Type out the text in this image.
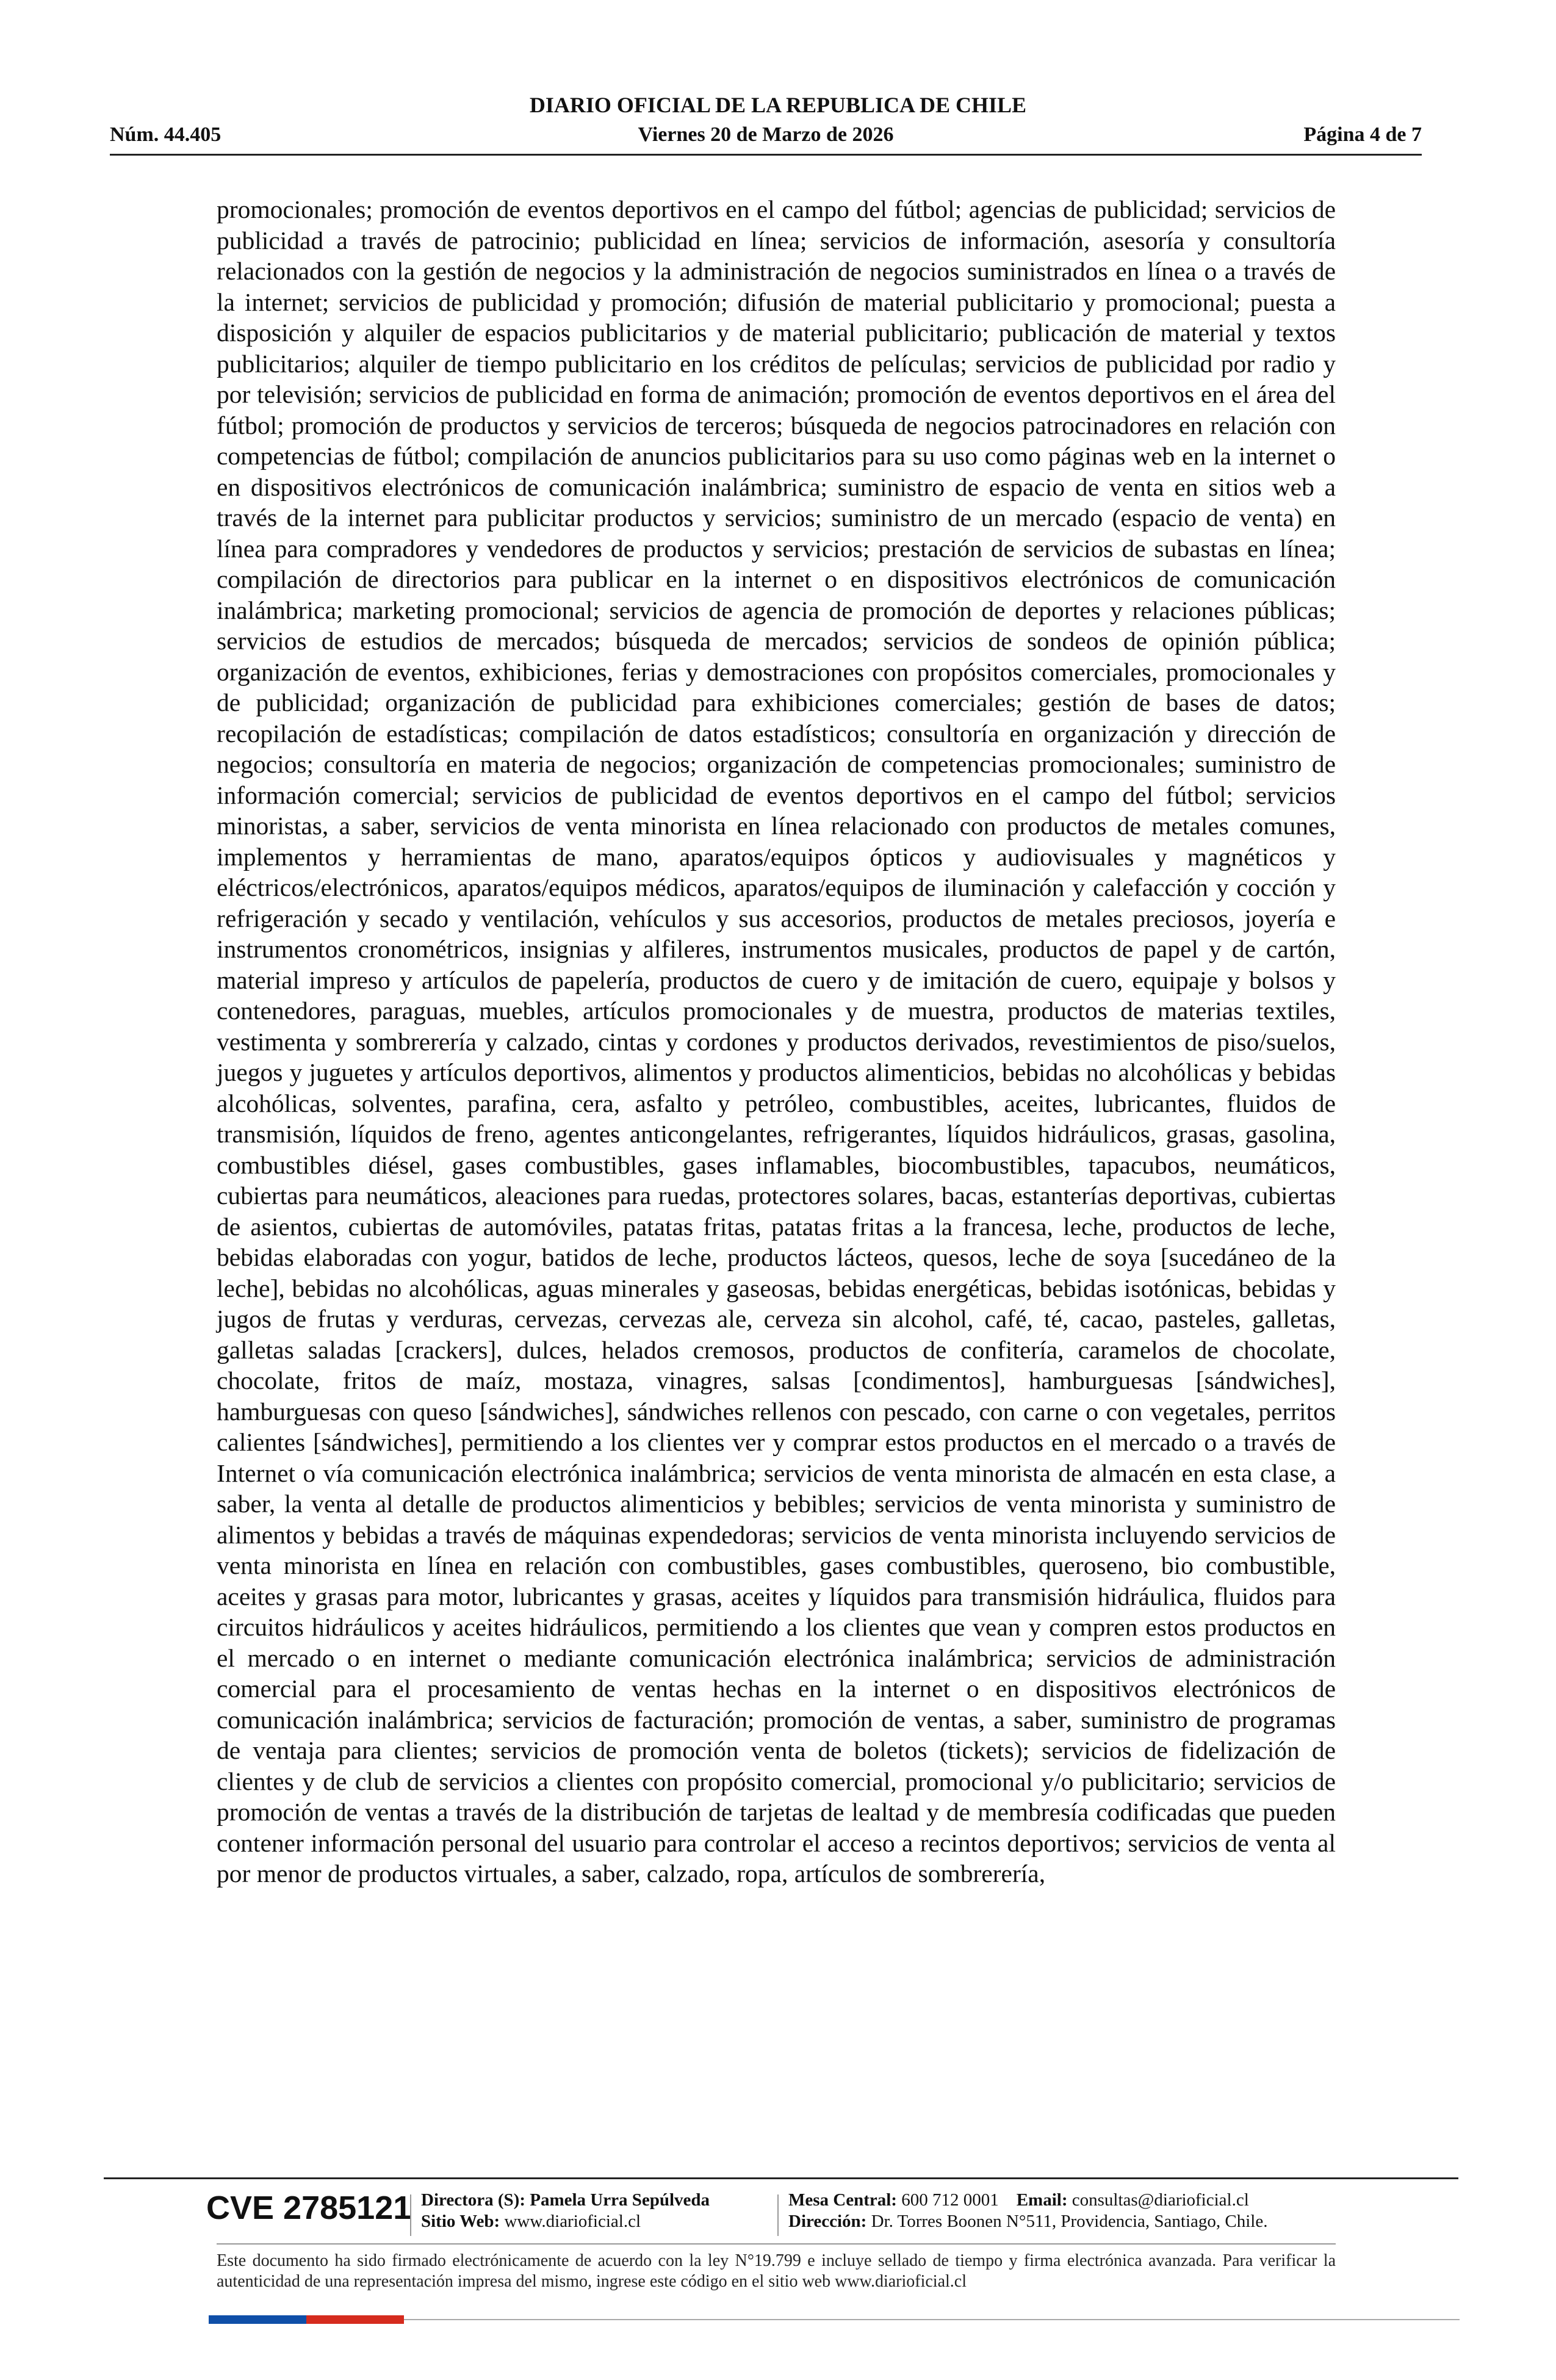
DIARIO OFICIAL DE LA REPUBLICA DE CHILE
Núm. 44.405	Viernes 20 de Marzo de 2026	Página 4 de 7

promocionales; promoción de eventos deportivos en el campo del fútbol; agencias de publicidad; servicios de publicidad a través de patrocinio; publicidad en línea; servicios de información, asesoría y consultoría relacionados con la gestión de negocios y la administración de negocios suministrados en línea o a través de la internet; servicios de publicidad y promoción; difusión de material publicitario y promocional; puesta a disposición y alquiler de espacios publicitarios y de material publicitario; publicación de material y textos publicitarios; alquiler de tiempo publicitario en los créditos de películas; servicios de publicidad por radio y por televisión; servicios de publicidad en forma de animación; promoción de eventos deportivos en el área del fútbol; promoción de productos y servicios de terceros; búsqueda de negocios patrocinadores en relación con competencias de fútbol; compilación de anuncios publicitarios para su uso como páginas web en la internet o en dispositivos electrónicos de comunicación inalámbrica; suministro de espacio de venta en sitios web a través de la internet para publicitar productos y servicios; suministro de un mercado (espacio de venta) en línea para compradores y vendedores de productos y servicios; prestación de servicios de subastas en línea; compilación de directorios para publicar en la internet o en dispositivos electrónicos de comunicación inalámbrica; marketing promocional; servicios de agencia de promoción de deportes y relaciones públicas; servicios de estudios de mercados; búsqueda de mercados; servicios de sondeos de opinión pública; organización de eventos, exhibiciones, ferias y demostraciones con propósitos comerciales, promocionales y de publicidad; organización de publicidad para exhibiciones comerciales; gestión de bases de datos; recopilación de estadísticas; compilación de datos estadísticos; consultoría en organización y dirección de negocios; consultoría en materia de negocios; organización de competencias promocionales; suministro de información comercial; servicios de publicidad de eventos deportivos en el campo del fútbol; servicios minoristas, a saber, servicios de venta minorista en línea relacionado con productos de metales comunes, implementos y herramientas de mano, aparatos/equipos ópticos y audiovisuales y magnéticos y eléctricos/electrónicos, aparatos/equipos médicos, aparatos/equipos de iluminación y calefacción y cocción y refrigeración y secado y ventilación, vehículos y sus accesorios, productos de metales preciosos, joyería e instrumentos cronométricos, insignias y alfileres, instrumentos musicales, productos de papel y de cartón, material impreso y artículos de papelería, productos de cuero y de imitación de cuero, equipaje y bolsos y contenedores, paraguas, muebles, artículos promocionales y de muestra, productos de materias textiles, vestimenta y sombrerería y calzado, cintas y cordones y productos derivados, revestimientos de piso/suelos, juegos y juguetes y artículos deportivos, alimentos y productos alimenticios, bebidas no alcohólicas y bebidas alcohólicas, solventes, parafina, cera, asfalto y petróleo, combustibles, aceites, lubricantes, fluidos de transmisión, líquidos de freno, agentes anticongelantes, refrigerantes, líquidos hidráulicos, grasas, gasolina, combustibles diésel, gases combustibles, gases inflamables, biocombustibles, tapacubos, neumáticos, cubiertas para neumáticos, aleaciones para ruedas, protectores solares, bacas, estanterías deportivas, cubiertas de asientos, cubiertas de automóviles, patatas fritas, patatas fritas a la francesa, leche, productos de leche, bebidas elaboradas con yogur, batidos de leche, productos lácteos, quesos, leche de soya [sucedáneo de la leche], bebidas no alcohólicas, aguas minerales y gaseosas, bebidas energéticas, bebidas isotónicas, bebidas y jugos de frutas y verduras, cervezas, cervezas ale, cerveza sin alcohol, café, té, cacao, pasteles, galletas, galletas saladas [crackers], dulces, helados cremosos, productos de confitería, caramelos de chocolate, chocolate, fritos de maíz, mostaza, vinagres, salsas [condimentos], hamburguesas [sándwiches], hamburguesas con queso [sándwiches], sándwiches rellenos con pescado, con carne o con vegetales, perritos calientes [sándwiches], permitiendo a los clientes ver y comprar estos productos en el mercado o a través de Internet o vía comunicación electrónica inalámbrica; servicios de venta minorista de almacén en esta clase, a saber, la venta al detalle de productos alimenticios y bebibles; servicios de venta minorista y suministro de alimentos y bebidas a través de máquinas expendedoras; servicios de venta minorista incluyendo servicios de venta minorista en línea en relación con combustibles, gases combustibles, queroseno, bio combustible, aceites y grasas para motor, lubricantes y grasas, aceites y líquidos para transmisión hidráulica, fluidos para circuitos hidráulicos y aceites hidráulicos, permitiendo a los clientes que vean y compren estos productos en el mercado o en internet o mediante comunicación electrónica inalámbrica; servicios de administración comercial para el procesamiento de ventas hechas en la internet o en dispositivos electrónicos de comunicación inalámbrica; servicios de facturación; promoción de ventas, a saber, suministro de programas de ventaja para clientes; servicios de promoción venta de boletos (tickets); servicios de fidelización de clientes y de club de servicios a clientes con propósito comercial, promocional y/o publicitario; servicios de promoción de ventas a través de la distribución de tarjetas de lealtad y de membresía codificadas que pueden contener información personal del usuario para controlar el acceso a recintos deportivos; servicios de venta al por menor de productos virtuales, a saber, calzado, ropa, artículos de sombrerería,

CVE 2785121 Directora (S): Pamela Urra Sepúlveda
Sitio Web: www.diarioficial.cl
Mesa Central: 600 712 0001 Email: consultas@diarioficial.cl
Dirección: Dr. Torres Boonen N°511, Providencia, Santiago, Chile.
Este documento ha sido firmado electrónicamente de acuerdo con la ley N°19.799 e incluye sellado de tiempo y firma electrónica avanzada. Para verificar la autenticidad de una representación impresa del mismo, ingrese este código en el sitio web www.diarioficial.cl
